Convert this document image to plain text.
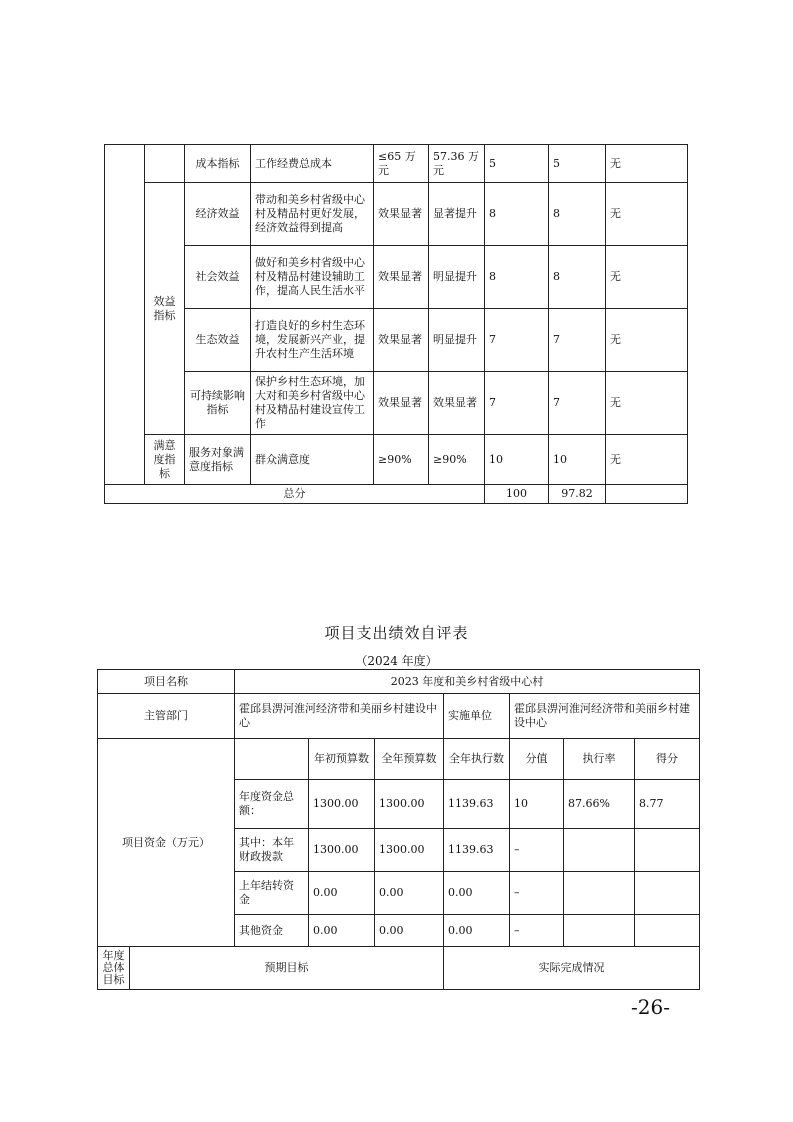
		成本指标	工作经费总成本	≤65 万元	57.36 万元	5	5	无
	效益指标	经济效益	带动和美乡村省级中心村及精品村更好发展，经济效益得到提高	效果显著	显著提升	8	8	无
		社会效益	做好和美乡村省级中心村及精品村建设辅助工作，提高人民生活水平	效果显著	明显提升	8	8	无
		生态效益	打造良好的乡村生态环境，发展新兴产业，提升农村生产生活环境	效果显著	明显提升	7	7	无
		可持续影响指标	保护乡村生态环境，加大对和美乡村省级中心村及精品村建设宣传工作	效果显著	效果显著	7	7	无
	满意度指标	服务对象满意度指标	群众满意度	≥90%	≥90%	10	10	无
总分						100	97.82	
项目支出绩效自评表
（2024 年度）
项目名称		2023 年度和美乡村省级中心村						
主管部门		霍邱县淠河淮河经济带和美丽乡村建设中心			实施单位	霍邱县淠河淮河经济带和美丽乡村建设中心		
项目资金（万元）			年初预算数	全年预算数	全年执行数	分值	执行率	得分
		年度资金总额：	1300.00	1300.00	1139.63	10	87.66%	8.77
		其中：本年财政拨款	1300.00	1300.00	1139.63	–		
		上年结转资金	0.00	0.00	0.00	–		
		其他资金	0.00	0.00	0.00	–		
年度总体目标	预期目标				实际完成情况			
-26-
